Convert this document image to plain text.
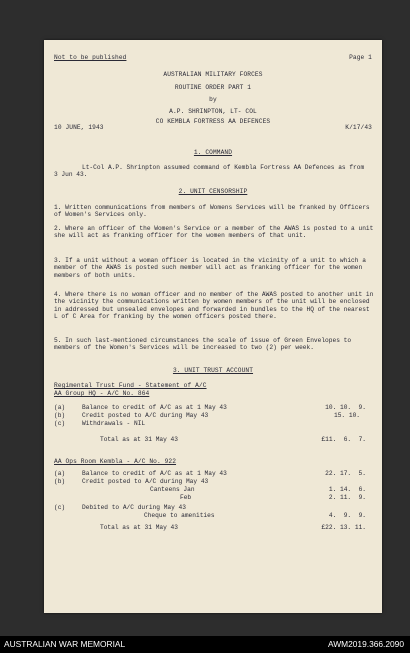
Not to be published	Page 1
AUSTRALIAN MILITARY FORCES
ROUTINE ORDER PART 1
by
A.P. SHRINPTON, LT- COL
10 JUNE, 1943
CO KEMBLA FORTRESS AA DEFENCES
K/17/43
1. COMMAND
Lt-Col A.P. Shrinpton assumed command of Kembla Fortress AA Defences as from 3 Jun 43.
2. UNIT CENSORSHIP
1. Written communications from members of Womens Services will be franked by Officers of Women's Services only.
2. Where an officer of the Women's Service or a member of the AWAS is posted to a unit she will act as franking officer for the women members of that unit.
3. If a unit without a woman officer is located in the vicinity of a unit to which a member of the AWAS is posted such member will act as franking officer for the women members of both units.
4. Where there is no woman officer and no member of the AWAS posted to another unit in the vicinity the communications written by women members of the unit will be enclosed in addressed but unsealed envelopes and forwarded in bundles to the HQ of the nearest L of C Area for franking by the women officers posted there.
5. In such last-mentioned circumstances the scale of issue of Green Envelopes to members of the Women's Services will be increased to two (2) per week.
3. UNIT TRUST ACCOUNT
Regimental Trust Fund - Statement of A/C
AA Group HQ - A/C No. 864
(a)	Balance to credit of A/C as at 1 May 43	10. 10.  9.
(b)	Credit posted to A/C during May 43	15. 10.
(c)	Withdrawals - NIL
Total as at 31 May 43	£11.  6.  7.
AA Ops Room Kembla - A/C No. 922
(a)	Balance to credit of A/C as at 1 May 43	22. 17.  5.
(b)	Credit posted to A/C during May 43
Canteens Jan	1. 14.  6.
Feb	2. 11.  9.
(c)	Debited to A/C during May 43
Cheque to amenities	4.  9.  9.
Total as at 31 May 43	£22. 13. 11.
AUSTRALIAN WAR MEMORIAL	AWM2019.366.2090
